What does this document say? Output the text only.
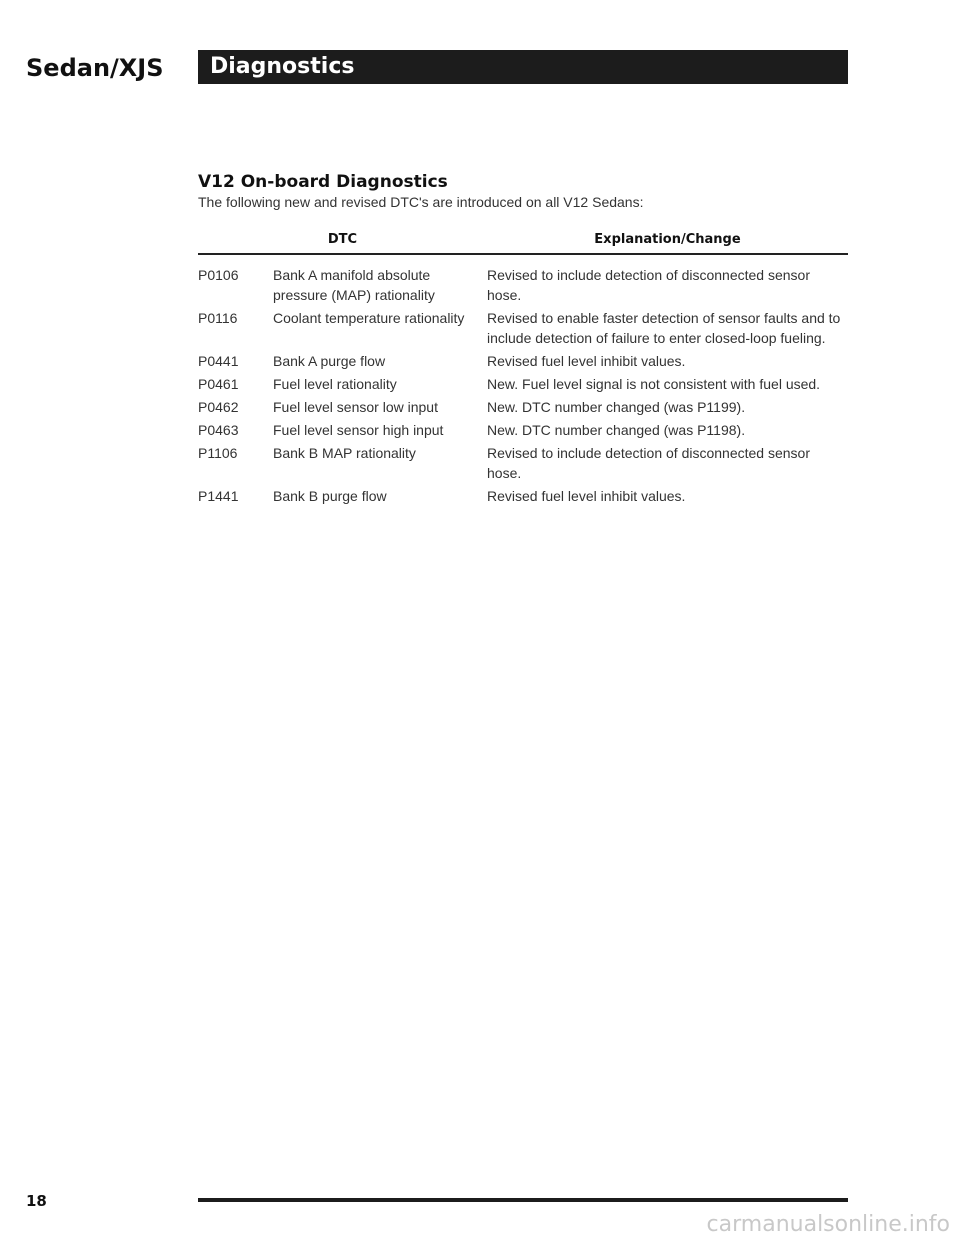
Sedan/XJS Diagnostics
V12 On-board Diagnostics
The following new and revised DTC's are introduced on all V12 Sedans:
DTC		Explanation/Change
P0106	Bank A manifold absolute pressure (MAP) rationality	Revised to include detection of disconnected sensor hose.
P0116	Coolant temperature rationality	Revised to enable faster detection of sensor faults and to include detection of failure to enter closed-loop fueling.
P0441	Bank A purge flow	Revised fuel level inhibit values.
P0461	Fuel level rationality	New. Fuel level signal is not consistent with fuel used.
P0462	Fuel level sensor low input	New. DTC number changed (was P1199).
P0463	Fuel level sensor high input	New. DTC number changed (was P1198).
P1106	Bank B MAP rationality	Revised to include detection of disconnected sensor hose.
P1441	Bank B purge flow	Revised fuel level inhibit values.
18
carmanualsonline.info
